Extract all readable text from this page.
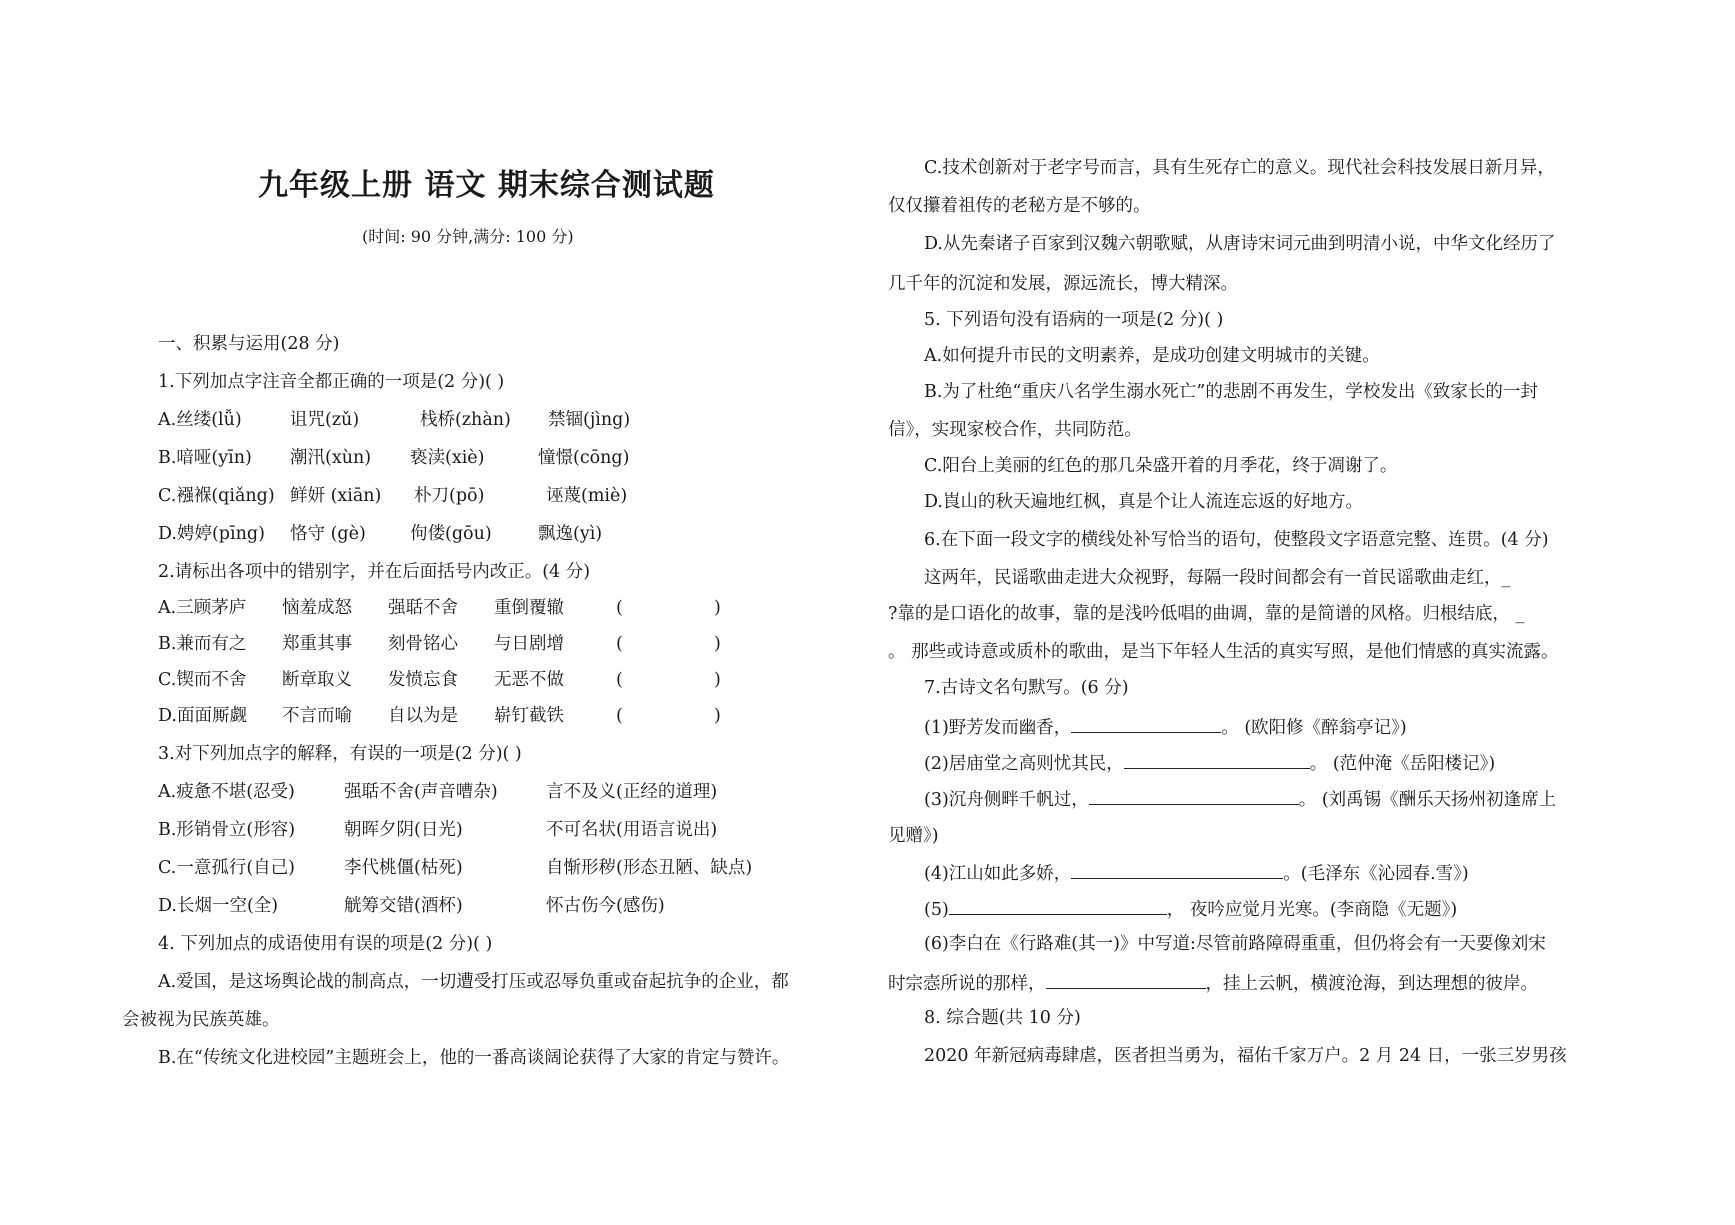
九年级上册 语文 期末综合测试题
(时间: 90 分钟,满分: 100 分)
一、积累与运用(28 分)
1.下列加点字注音全都正确的一项是(2 分)( )
A.丝缕(lǚ)	诅咒(zǔ)	栈桥(zhàn) 禁锢(jìng)
B.喑哑(yīn) 潮汛(xùn) 亵渎(xiè)	憧憬(cōng)
C.襁褓(qiǎng) 鲜妍 (xiān) 朴刀(pō)	诬蔑(miè)
D.娉婷(pīng) 恪守 (gè)	佝偻(gōu)	飘逸(yì)
2.请标出各项中的错别字，并在后面括号内改正。(4 分)
A.三顾茅庐 恼羞成怒 强聒不舍 重倒覆辙	(	)
B.兼而有之 郑重其事 刻骨铭心 与日剧增	(	)
C.锲而不舍 断章取义 发愤忘食 无恶不做	(	)
D.面面厮觑 不言而喻 自以为是 崭钉截铁	(	)
3.对下列加点字的解释，有误的一项是(2 分)( )
A.疲惫不堪(忍受)	强聒不舍(声音嘈杂)	言不及义(正经的道理)
B.形销骨立(形容)	朝晖夕阴(日光)	不可名状(用语言说出)
C.一意孤行(自己)	李代桃僵(枯死)	自惭形秽(形态丑陋、缺点)
D.长烟一空(全)	觥筹交错(酒杯)	怀古伤今(感伤)
4. 下列加点的成语使用有误的项是(2 分)( )
A.爱国，是这场舆论战的制高点，一切遭受打压或忍辱负重或奋起抗争的企业，都
会被视为民族英雄。
B.在“传统文化进校园”主题班会上，他的一番高谈阔论获得了大家的肯定与赞许。
C.技术创新对于老字号而言，具有生死存亡的意义。现代社会科技发展日新月异，
仅仅攥着祖传的老秘方是不够的。
D.从先秦诸子百家到汉魏六朝歌赋，从唐诗宋词元曲到明清小说，中华文化经历了
几千年的沉淀和发展，源远流长，博大精深。
5. 下列语句没有语病的一项是(2 分)( )
A.如何提升市民的文明素养，是成功创建文明城市的关键。
B.为了杜绝“重庆八名学生溺水死亡”的悲剧不再发生，学校发出《致家长的一封
信》，实现家校合作，共同防范。
C.阳台上美丽的红色的那几朵盛开着的月季花，终于凋谢了。
D.崀山的秋天遍地红枫，真是个让人流连忘返的好地方。
6.在下面一段文字的横线处补写恰当的语句，使整段文字语意完整、连贯。(4 分)
这两年，民谣歌曲走进大众视野，每隔一段时间都会有一首民谣歌曲走红，_
?靠的是口语化的故事，靠的是浅吟低唱的曲调，靠的是简谱的风格。归根结底， _
。 那些或诗意或质朴的歌曲，是当下年轻人生活的真实写照，是他们情感的真实流露。
7.古诗文名句默写。(6 分)
(1)野芳发而幽香，	。 (欧阳修《醉翁亭记》)
(2)居庙堂之高则忧其民，	。 (范仲淹《岳阳楼记》)
(3)沉舟侧畔千帆过，	。 (刘禹锡《酬乐天扬州初逢席上
见赠》)
(4)江山如此多娇，	。(毛泽东《沁园春.雪》)
(5)	， 夜吟应觉月光寒。(李商隐《无题》)
(6)李白在《行路难(其一)》中写道:尽管前路障碍重重，但仍将会有一天要像刘宋
时宗悫所说的那样，	，挂上云帆，横渡沧海，到达理想的彼岸。
8. 综合题(共 10 分)
2020 年新冠病毒肆虐，医者担当勇为，福佑千家万户。2 月 24 日，一张三岁男孩
